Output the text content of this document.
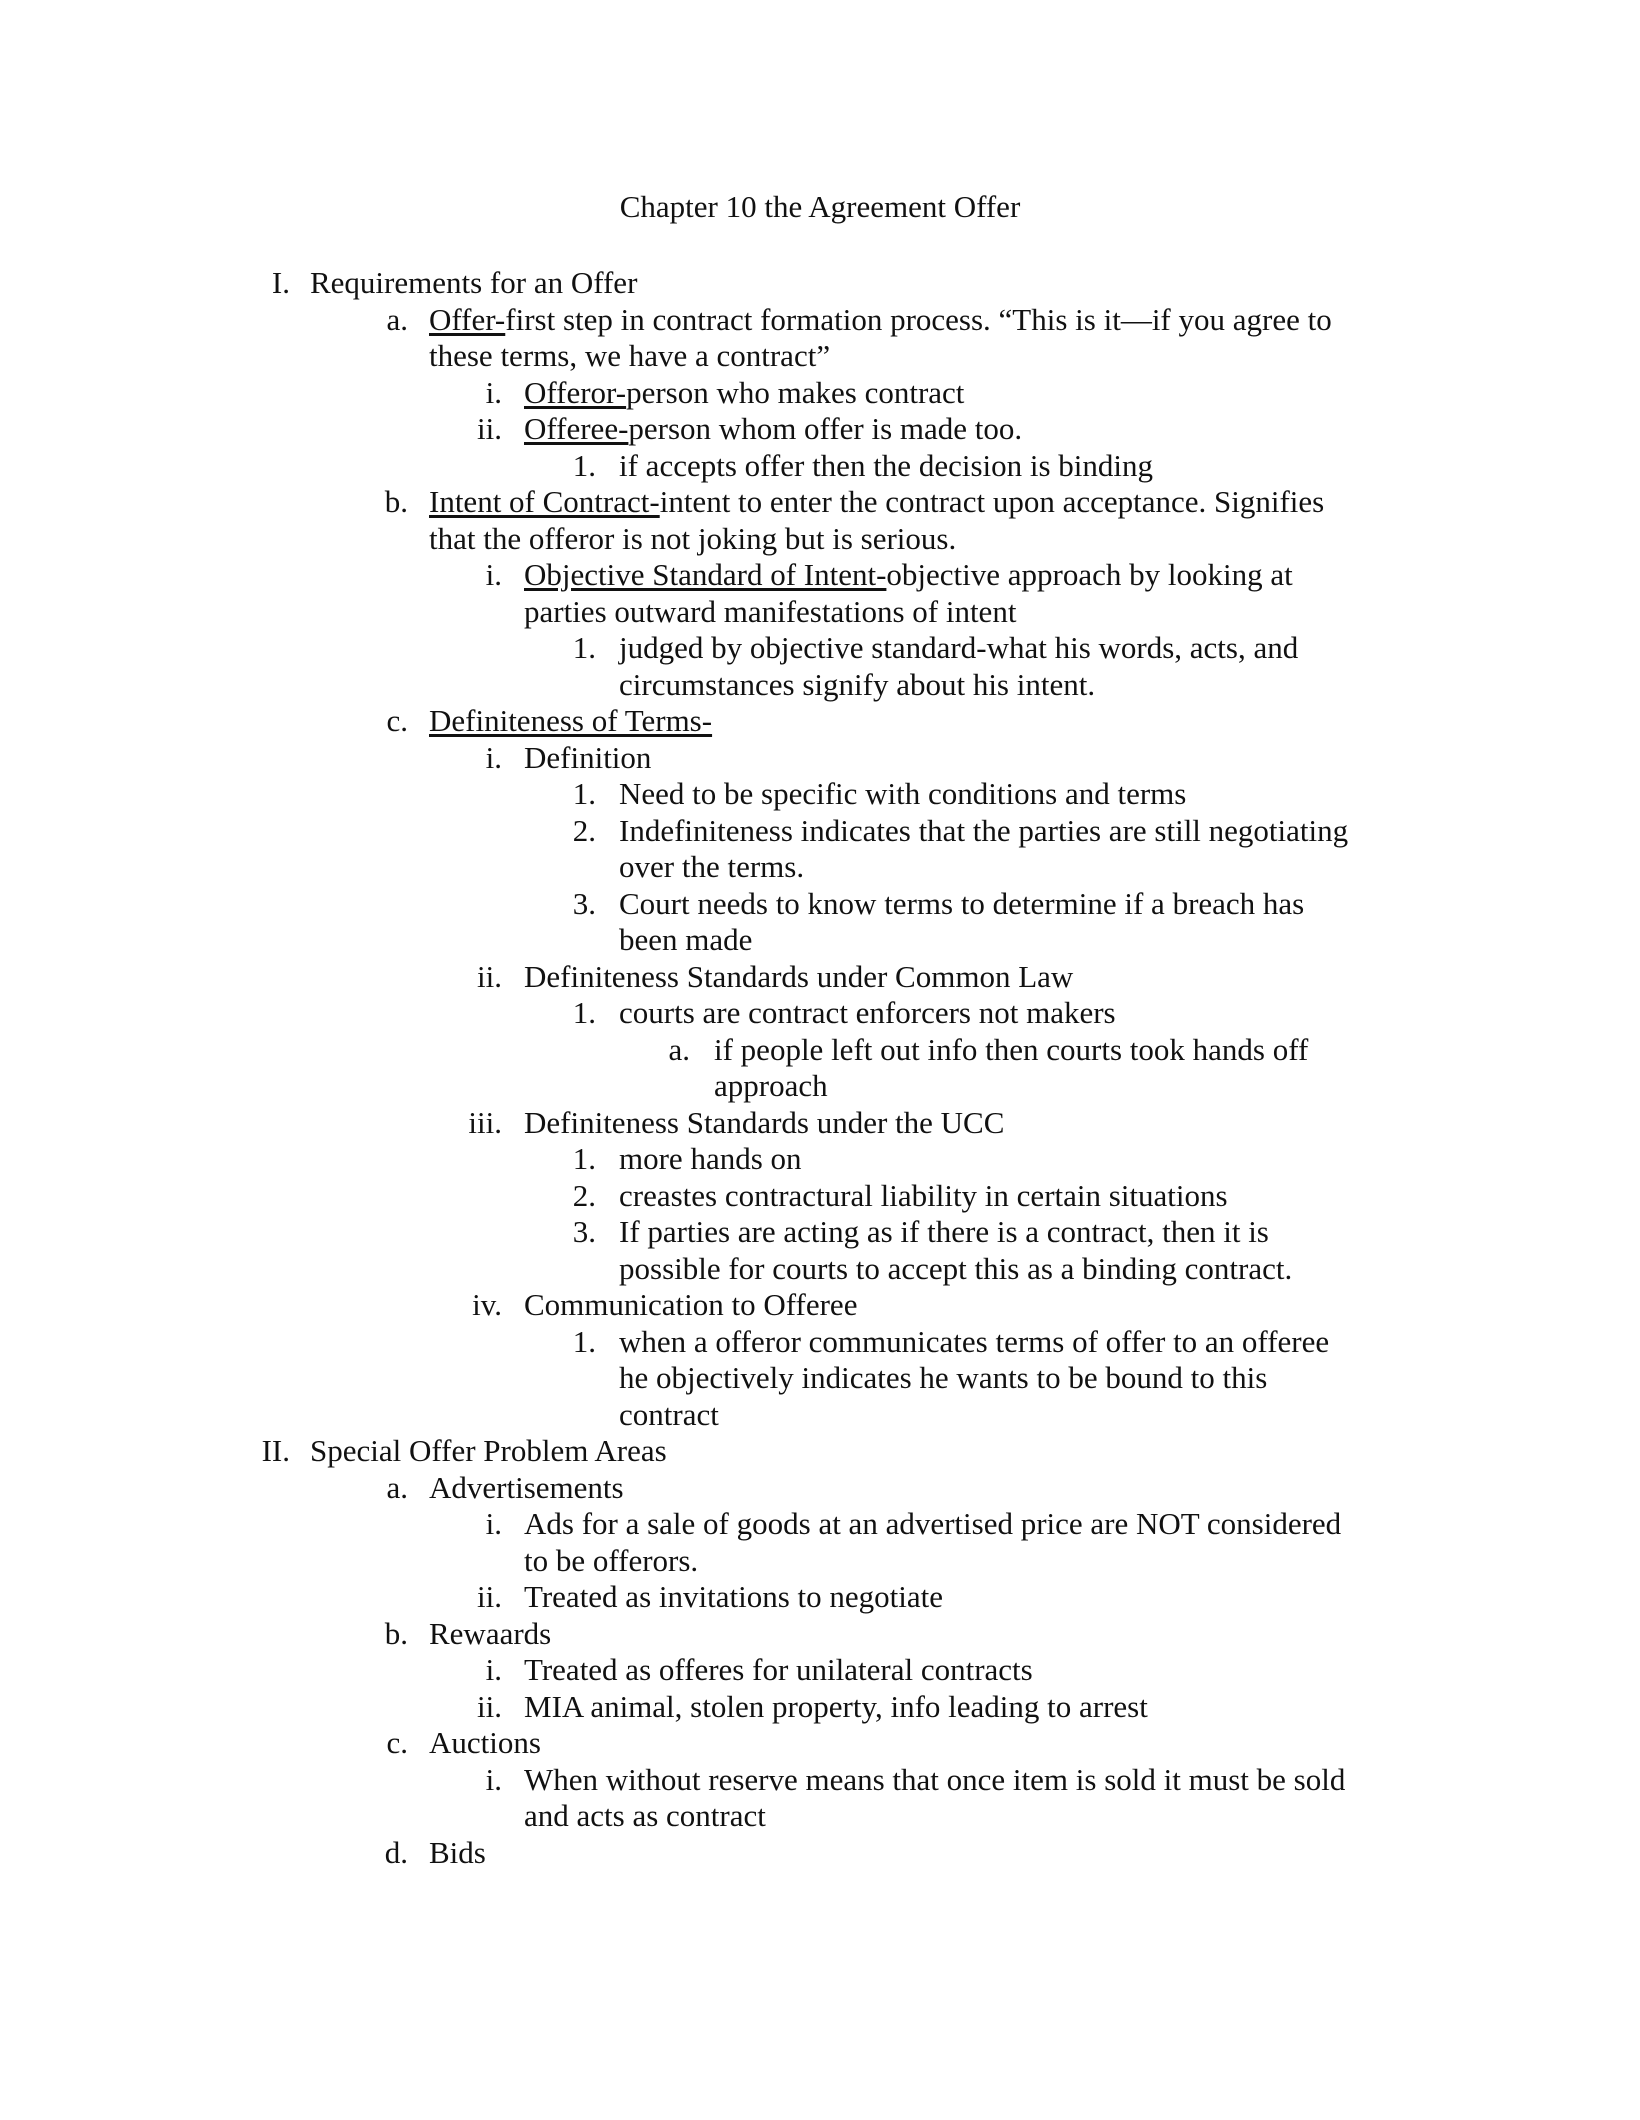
Chapter 10 the Agreement Offer
I. Requirements for an Offer
a. Offer-first step in contract formation process. “This is it—if you agree to
these terms, we have a contract”
i. Offeror-person who makes contract
ii. Offeree-person whom offer is made too.
1. if accepts offer then the decision is binding
b. Intent of Contract-intent to enter the contract upon acceptance. Signifies
that the offeror is not joking but is serious.
i. Objective Standard of Intent-objective approach by looking at
parties outward manifestations of intent
1. judged by objective standard-what his words, acts, and
circumstances signify about his intent.
c. Definiteness of Terms-
i. Definition
1. Need to be specific with conditions and terms
2. Indefiniteness indicates that the parties are still negotiating
over the terms.
3. Court needs to know terms to determine if a breach has
been made
ii. Definiteness Standards under Common Law
1. courts are contract enforcers not makers
a. if people left out info then courts took hands off
approach
iii. Definiteness Standards under the UCC
1. more hands on
2. creastes contractural liability in certain situations
3. If parties are acting as if there is a contract, then it is
possible for courts to accept this as a binding contract.
iv. Communication to Offeree
1. when a offeror communicates terms of offer to an offeree
he objectively indicates he wants to be bound to this
contract
II. Special Offer Problem Areas
a. Advertisements
i. Ads for a sale of goods at an advertised price are NOT considered
to be offerors.
ii. Treated as invitations to negotiate
b. Rewaards
i. Treated as offeres for unilateral contracts
ii. MIA animal, stolen property, info leading to arrest
c. Auctions
i. When without reserve means that once item is sold it must be sold
and acts as contract
d. Bids
